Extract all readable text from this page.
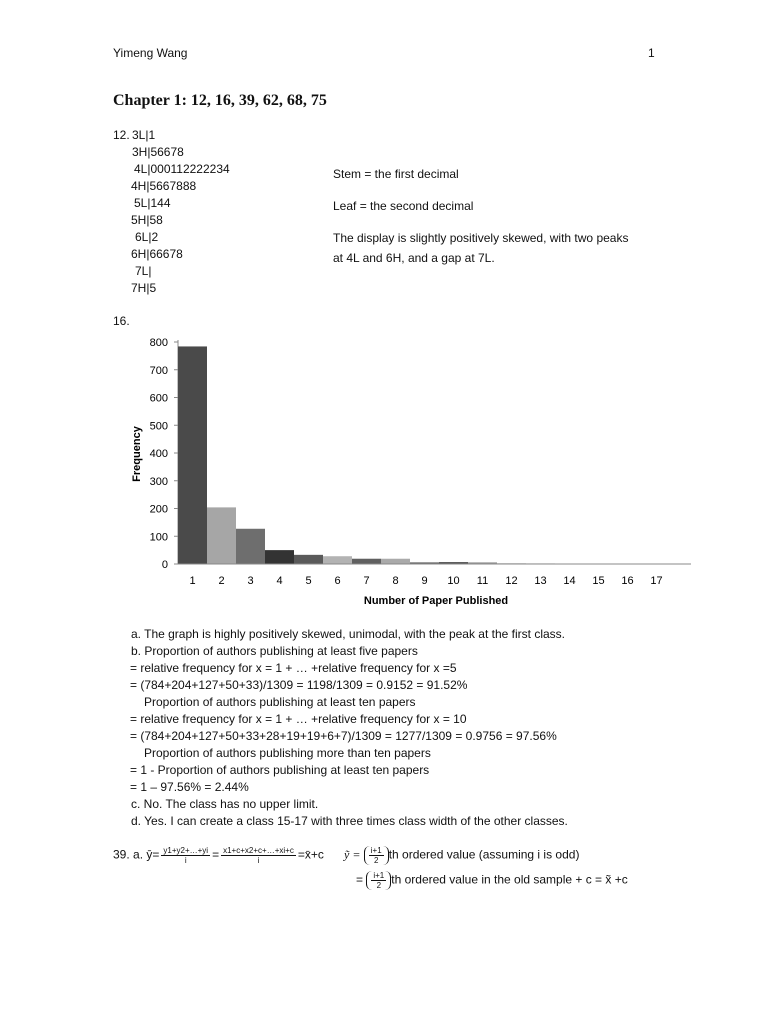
Yimeng Wang	1
Chapter 1: 12, 16, 39, 62, 68, 75
12. 3L|1
3H|56678
4L|000112222234
4H|5667888
5L|144
5H|58
6L|2
6H|66678
7L|
7H|5
Stem = the first decimal
Leaf = the second decimal
The display is slightly positively skewed, with two peaks
at 4L and 6H, and a gap at 7L.
16.
0
100
200
300
400
500
600
700
800
1 2 3 4 5 6 7 8 9 10 11 12 13 14 15 16 17
Frequency
Number of Paper Published
a. The graph is highly positively skewed, unimodal, with the peak at the first class.
b. Proportion of authors publishing at least five papers
= relative frequency for x = 1 + … +relative frequency for x =5
= (784+204+127+50+33)/1309 = 1198/1309 = 0.9152 = 91.52%
Proportion of authors publishing at least ten papers
= relative frequency for x = 1 + … +relative frequency for x = 10
= (784+204+127+50+33+28+19+19+6+7)/1309 = 1277/1309 = 0.9756 = 97.56%
Proportion of authors publishing more than ten papers
= 1 - Proportion of authors publishing at least ten papers
= 1 – 97.56% = 2.44%
c. No. The class has no upper limit.
d. Yes. I can create a class 15-17 with three times class width of the other classes.
39. a. ȳ= $\frac{y1+y2+\dots+yi}{i} = \frac{x1+c+x2+c+\dots+xi+c}{i}$ =x̄+c ỹ = $\frac{i+1}{2}$ th ordered value (assuming i is odd)
= $\frac{i+1}{2}$ th ordered value in the old sample + c = x̃ +c
